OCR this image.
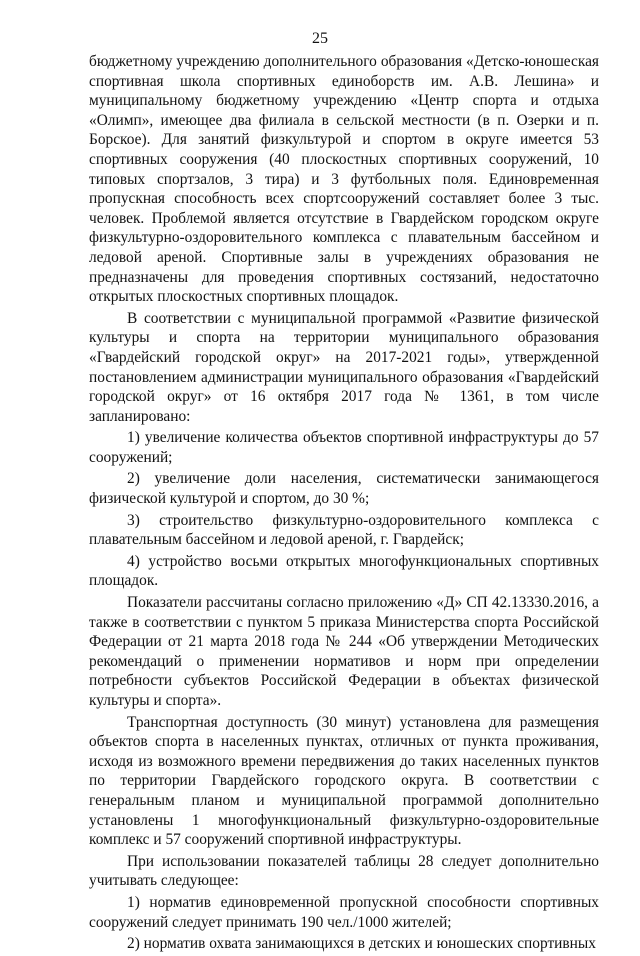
25

бюджетному учреждению дополнительного образования «Детско-юношеская спортивная школа спортивных единоборств им. А.В. Лешина» и муниципальному бюджетному учреждению «Центр спорта и отдыха «Олимп», имеющее два филиала в сельской местности (в п. Озерки и п. Борское). Для занятий физкультурой и спортом в округе имеется 53 спортивных сооружения (40 плоскостных спортивных сооружений, 10 типовых спортзалов, 3 тира) и 3 футбольных поля. Единовременная пропускная способность всех спортсооружений составляет более 3 тыс. человек. Проблемой является отсутствие в Гвардейском городском округе физкультурно-оздоровительного комплекса с плавательным бассейном и ледовой ареной. Спортивные залы в учреждениях образования не предназначены для проведения спортивных состязаний, недостаточно открытых плоскостных спортивных площадок.

В соответствии с муниципальной программой «Развитие физической культуры и спорта на территории муниципального образования «Гвардейский городской округ» на 2017-2021 годы», утвержденной постановлением администрации муниципального образования «Гвардейский городской округ» от 16 октября 2017 года № 1361, в том числе запланировано:

1) увеличение количества объектов спортивной инфраструктуры до 57 сооружений;

2) увеличение доли населения, систематически занимающегося физической культурой и спортом, до 30 %;

3) строительство физкультурно-оздоровительного комплекса с плавательным бассейном и ледовой ареной, г. Гвардейск;

4) устройство восьми открытых многофункциональных спортивных площадок.

Показатели рассчитаны согласно приложению «Д» СП 42.13330.2016, а также в соответствии с пунктом 5 приказа Министерства спорта Российской Федерации от 21 марта 2018 года № 244 «Об утверждении Методических рекомендаций о применении нормативов и норм при определении потребности субъектов Российской Федерации в объектах физической культуры и спорта».

Транспортная доступность (30 минут) установлена для размещения объектов спорта в населенных пунктах, отличных от пункта проживания, исходя из возможного времени передвижения до таких населенных пунктов по территории Гвардейского городского округа. В соответствии с генеральным планом и муниципальной программой дополнительно установлены 1 многофункциональный физкультурно-оздоровительные комплекс и 57 сооружений спортивной инфраструктуры.

При использовании показателей таблицы 28 следует дополнительно учитывать следующее:

1) норматив единовременной пропускной способности спортивных сооружений следует принимать 190 чел./1000 жителей;

2) норматив охвата занимающихся в детских и юношеских спортивных
